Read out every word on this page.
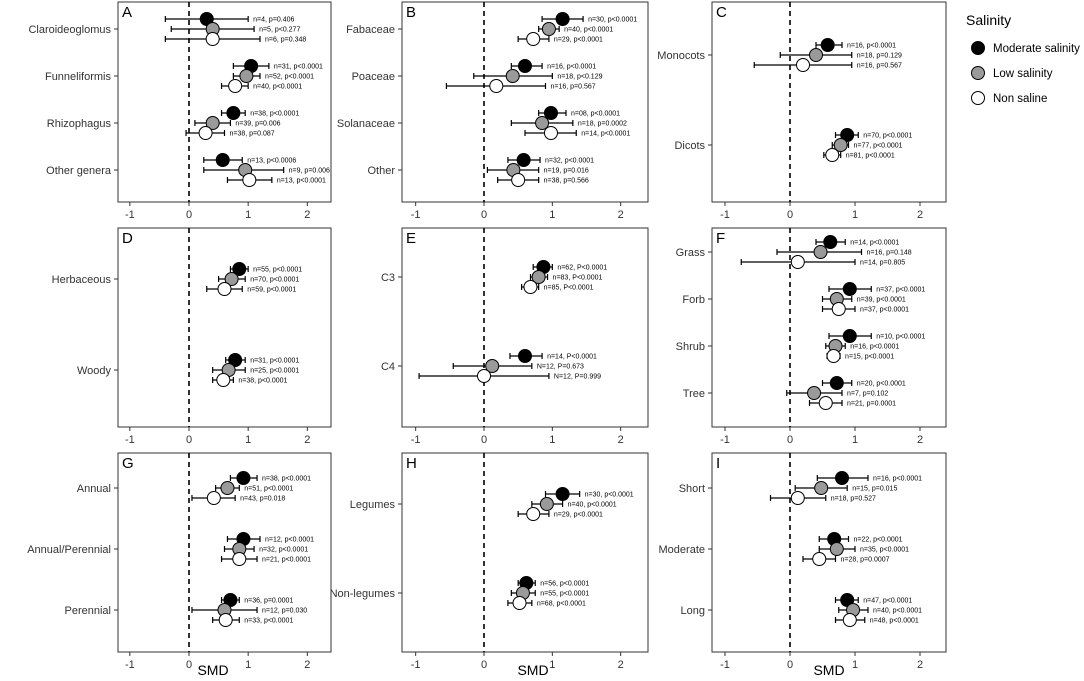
A
-1	0	1	2
Claroideoglomus
n=4, p=0.406
n=5, p<0.277
n=6, p=0.348
Funneliformis
n=31, p<0.0001
n=52, p<0.0001
n=40, p<0.0001
Rhizophagus
n=38, p<0.0001
n=39, p=0.006
n=38, p=0.087
Other genera
n=13, p<0.0006
n=9, p=0.006
n=13, p<0.0001
B
-1	0	1	2
Fabaceae
n=30, p<0.0001
n=40, p<0.0001
n=29, p<0.0001
Poaceae
n=16, p<0.0001
n=18, p<0.129
n=16, p=0.567
Solanaceae
n=08, p<0.0001
n=18, p=0.0002
n=14, p<0.0001
Other
n=32, p<0.0001
n=19, p=0.016
n=38, p=0.566
C
-1	0	1	2
Monocots
n=16, p<0.0001
n=18, p=0.129
n=16, p=0.567
Dicots
n=70, p<0.0001
n=77, p<0.0001
n=81, p<0.0001
D
-1	0	1	2
Herbaceous
n=55, p<0.0001
n=70, p<0.0001
n=59, p<0.0001
Woody
n=31, p<0.0001
n=25, p<0.0001
n=38, p<0.0001
E
-1	0	1	2
C3
n=62, P<0.0001
n=83, P<0.0001
n=85, P<0.0001
C4
n=14, P<0.0001
N=12, P=0.673
N=12, P=0.999
F
-1	0	1	2
Grass
n=14, p<0.0001
n=16, p=0.148
n=14, p=0.805
Forb
n=37, p<0.0001
n=39, p<0.0001
n=37, p<0.0001
Shrub
n=10, p<0.0001
n=16, p<0.0001
n=15, p<0.0001
Tree
n=20, p<0.0001
n=7, p=0.102
n=21, p=0.0001
G
-1	0	1	2
Annual
n=38, p<0.0001
n=51, p<0.0001
n=43, p=0.018
Annual/Perennial
n=12, p<0.0001
n=32, p<0.0001
n=21, p<0.0001
Perennial
n=36, p=0.0001
n=12, p=0.030
n=33, p<0.0001
H
-1	0	1	2
Legumes
n=30, p<0.0001
n=40, p<0.0001
n=29, p<0.0001
Non-legumes
n=56, p<0.0001
n=55, p<0.0001
n=68, p<0.0001
I
-1	0	1	2
Short
n=16, p<0.0001
n=15, p=0.015
n=18, p=0.527
Moderate
n=22, p<0.0001
n=35, p<0.0001
n=28, p=0.0007
Long
n=47, p<0.0001
n=40, p<0.0001
n=48, p<0.0001
SMD	SMD	SMD
Salinity
Moderate salinity
Low salinity
Non saline
